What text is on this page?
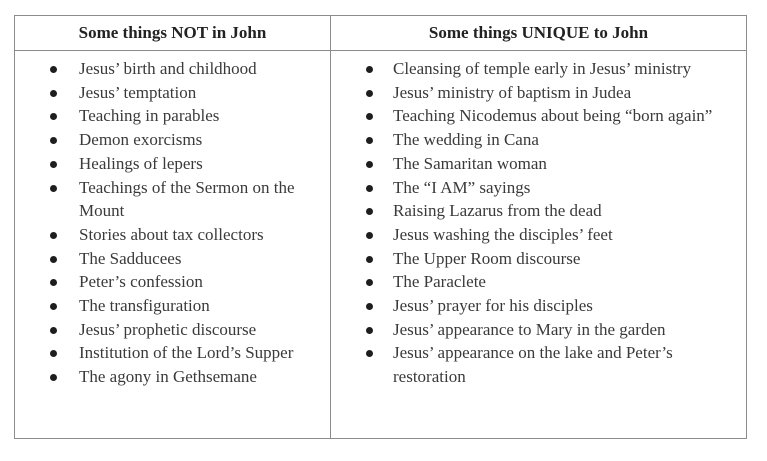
Some things NOT in John	Some things UNIQUE to John
Jesus’ birth and childhood
Jesus’ temptation
Teaching in parables
Demon exorcisms
Healings of lepers
Teachings of the Sermon on the Mount
Stories about tax collectors
The Sadducees
Peter’s confession
The transfiguration
Jesus’ prophetic discourse
Institution of the Lord’s Supper
The agony in Gethsemane
Cleansing of temple early in Jesus’ ministry
Jesus’ ministry of baptism in Judea
Teaching Nicodemus about being “born again”
The wedding in Cana
The Samaritan woman
The “I AM” sayings
Raising Lazarus from the dead
Jesus washing the disciples’ feet
The Upper Room discourse
The Paraclete
Jesus’ prayer for his disciples
Jesus’ appearance to Mary in the garden
Jesus’ appearance on the lake and Peter’s restoration
